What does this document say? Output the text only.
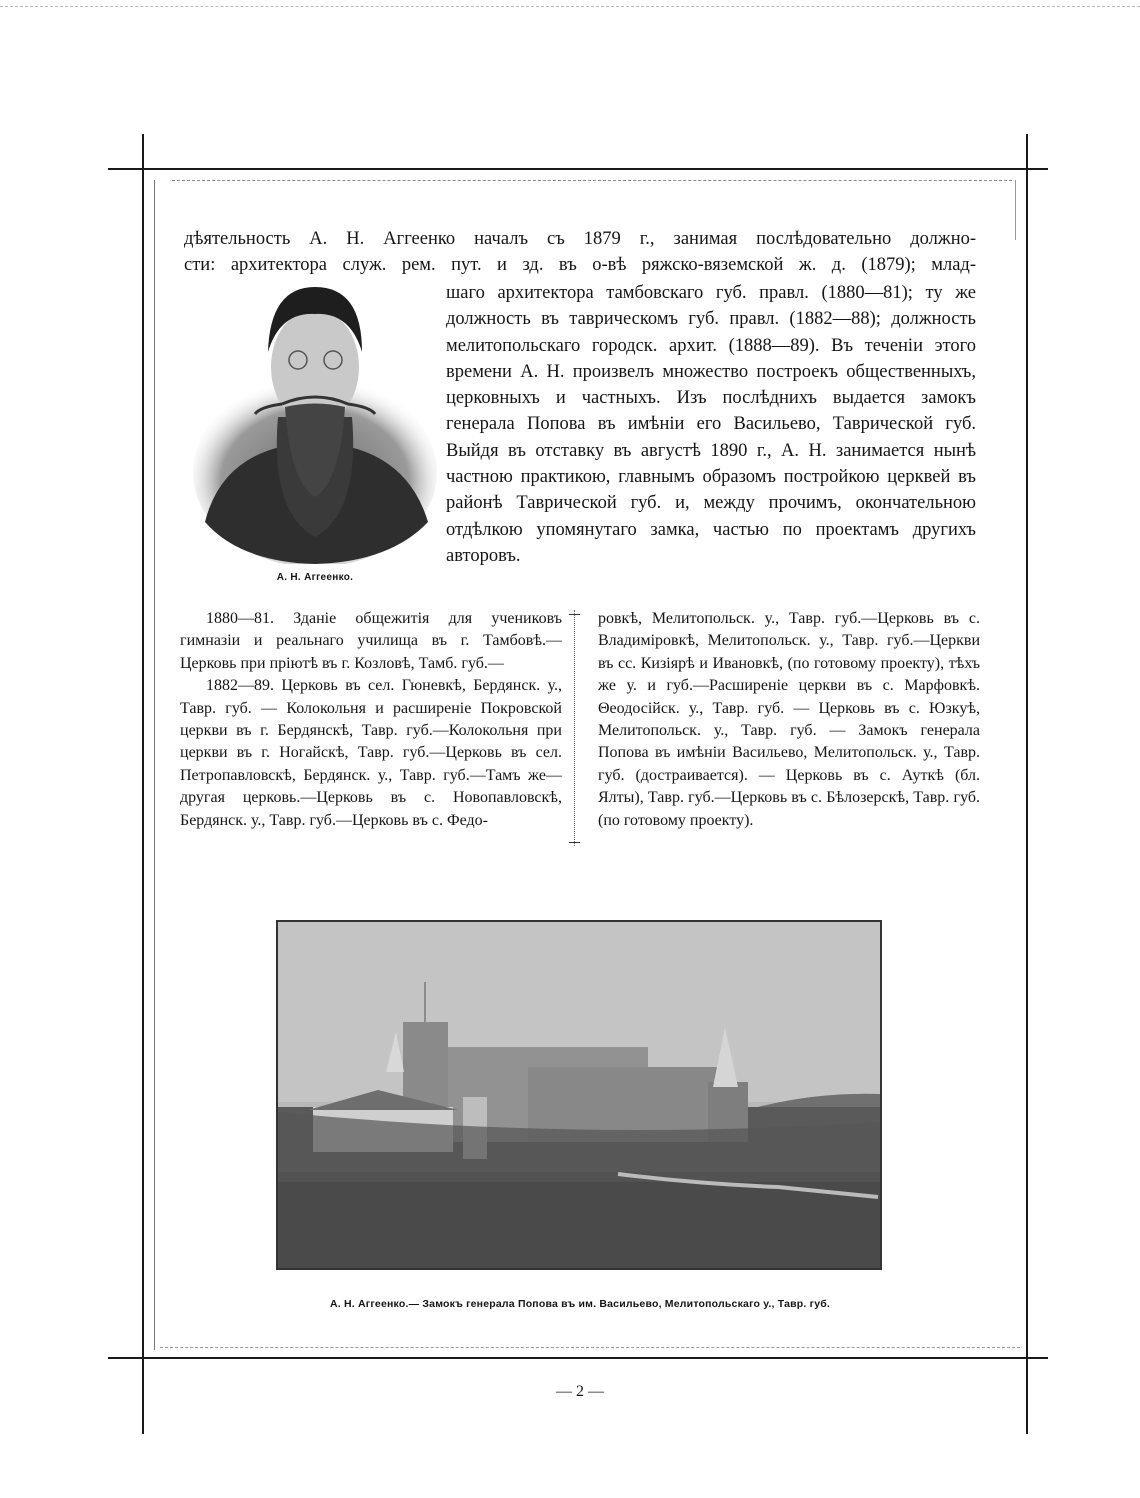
дѣятельность А. Н. Аггеенко началъ съ 1879 г., занимая послѣдовательно должно-
сти: архитектора служ. рем. пут. и зд. въ о-вѣ ряжско-вяземской ж. д. (1879); млад-
шаго архитектора тамбовскаго губ. правл. (1880—81); ту же должность въ таврическомъ губ. правл. (1882—88); должность мелитопольскаго городск. архит. (1888—89). Въ теченіи этого времени А. Н. произвелъ множество построекъ общественныхъ, церковныхъ и частныхъ. Изъ послѣднихъ выдается замокъ генерала Попова въ имѣніи его Васильево, Таврической губ. Выйдя въ отставку въ августѣ 1890 г., А. Н. занимается нынѣ частною практикою, главнымъ образомъ постройкою церквей въ районѣ Таврической губ. и, между прочимъ, окончательною отдѣлкою упомянутаго замка, частью по проектамъ другихъ авторовъ.
А. Н. Аггеенко.

1880—81. Зданіе общежитія для учениковъ гимназіи и реальнаго училища въ г. Тамбовѣ.— Церковь при пріютѣ въ г. Козловѣ, Тамб. губ.—

1882—89. Церковь въ сел. Гюневкѣ, Бердянск. у., Тавр. губ. — Колокольня и расширеніе Покровской церкви въ г. Бердянскѣ, Тавр. губ.—Колокольня при церкви въ г. Ногайскѣ, Тавр. губ.—Церковь въ сел. Петропавловскѣ, Бердянск. у., Тавр. губ.—Тамъ же— другая церковь.—Церковь въ с. Новопавловскѣ, Бердянск. у., Тавр. губ.—Церковь въ с. Федо-

ровкѣ, Мелитопольск. у., Тавр. губ.—Церковь въ с. Владиміровкѣ, Мелитопольск. у., Тавр. губ.—Церкви въ сс. Кизіярѣ и Ивановкѣ, (по готовому проекту), тѣхъ же у. и губ.—Расширеніе церкви въ с. Марфовкѣ. Θеодосійск. у., Тавр. губ. — Церковь въ с. Юзкуѣ, Мелитопольск. у., Тавр. губ. — Замокъ генерала Попова въ имѣніи Васильево, Мелитопольск. у., Тавр. губ. (достраивается). — Церковь въ с. Ауткѣ (бл. Ялты), Тавр. губ.—Церковь въ с. Бѣлозерскѣ, Тавр. губ. (по готовому проекту).

А. Н. Аггеенко.— Замокъ генерала Попова въ им. Васильево, Мелитопольскаго у., Тавр. губ.
— 2 —
